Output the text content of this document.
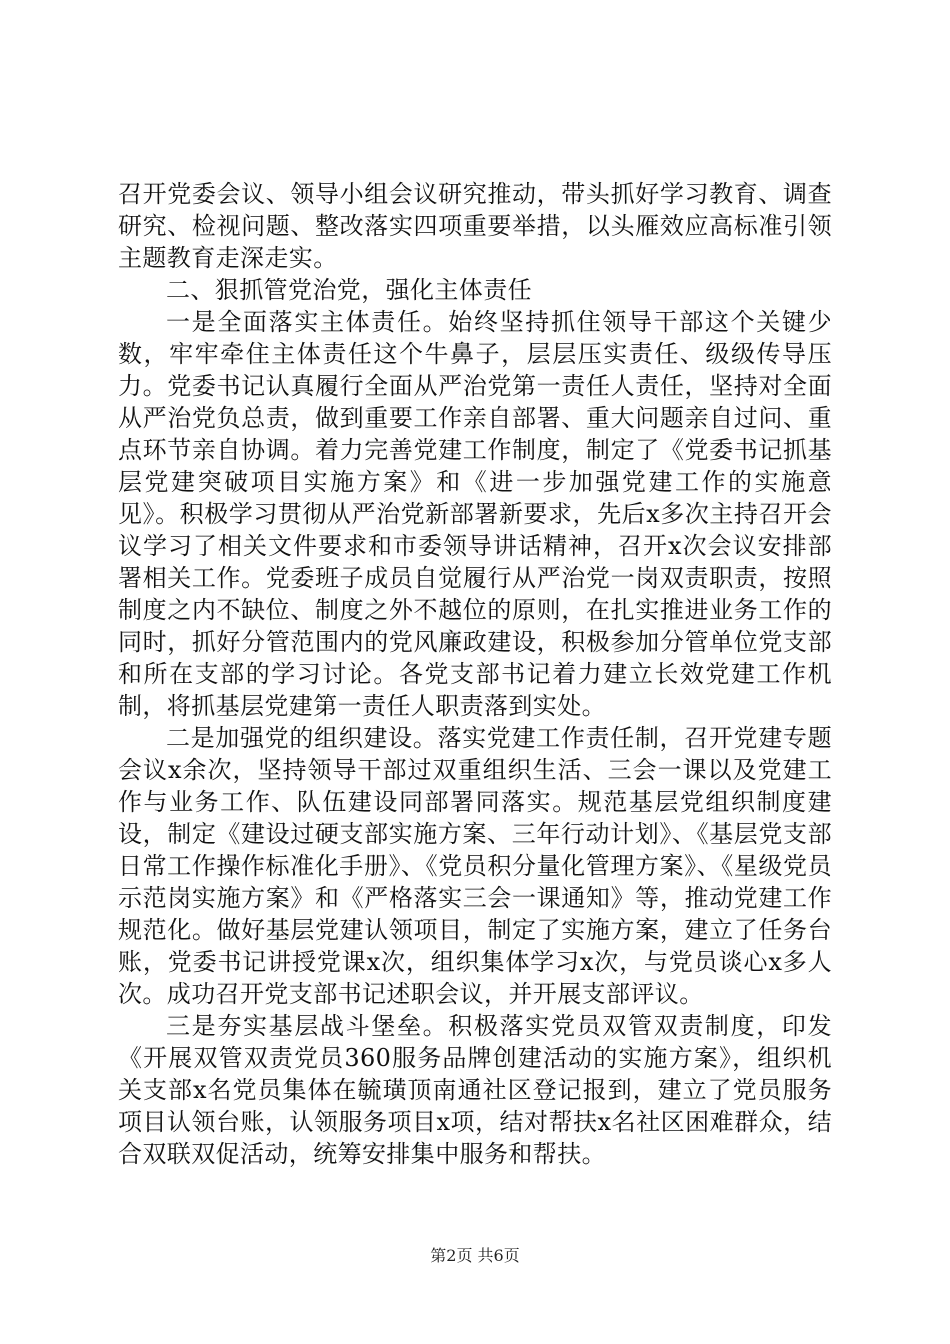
召开党委会议、领导小组会议研究推动，带头抓好学习教育、调查研究、检视问题、整改落实四项重要举措，以头雁效应高标准引领主题教育走深走实。

二、狠抓管党治党，强化主体责任

一是全面落实主体责任。始终坚持抓住领导干部这个关键少数，牢牢牵住主体责任这个牛鼻子，层层压实责任、级级传导压力。党委书记认真履行全面从严治党第一责任人责任，坚持对全面从严治党负总责，做到重要工作亲自部署、重大问题亲自过问、重点环节亲自协调。着力完善党建工作制度，制定了《党委书记抓基层党建突破项目实施方案》和《进一步加强党建工作的实施意见》。积极学习贯彻从严治党新部署新要求，先后x多次主持召开会议学习了相关文件要求和市委领导讲话精神，召开x次会议安排部署相关工作。党委班子成员自觉履行从严治党一岗双责职责，按照制度之内不缺位、制度之外不越位的原则，在扎实推进业务工作的同时，抓好分管范围内的党风廉政建设，积极参加分管单位党支部和所在支部的学习讨论。各党支部书记着力建立长效党建工作机制，将抓基层党建第一责任人职责落到实处。

二是加强党的组织建设。落实党建工作责任制，召开党建专题会议x余次，坚持领导干部过双重组织生活、三会一课以及党建工作与业务工作、队伍建设同部署同落实。规范基层党组织制度建设，制定《建设过硬支部实施方案、三年行动计划》、《基层党支部日常工作操作标准化手册》、《党员积分量化管理方案》、《星级党员示范岗实施方案》和《严格落实三会一课通知》等，推动党建工作规范化。做好基层党建认领项目，制定了实施方案，建立了任务台账，党委书记讲授党课x次，组织集体学习x次，与党员谈心x多人次。成功召开党支部书记述职会议，并开展支部评议。

三是夯实基层战斗堡垒。积极落实党员双管双责制度，印发《开展双管双责党员360服务品牌创建活动的实施方案》，组织机关支部x名党员集体在毓璜顶南通社区登记报到，建立了党员服务项目认领台账，认领服务项目x项，结对帮扶x名社区困难群众，结合双联双促活动，统筹安排集中服务和帮扶。

第2页 共6页
